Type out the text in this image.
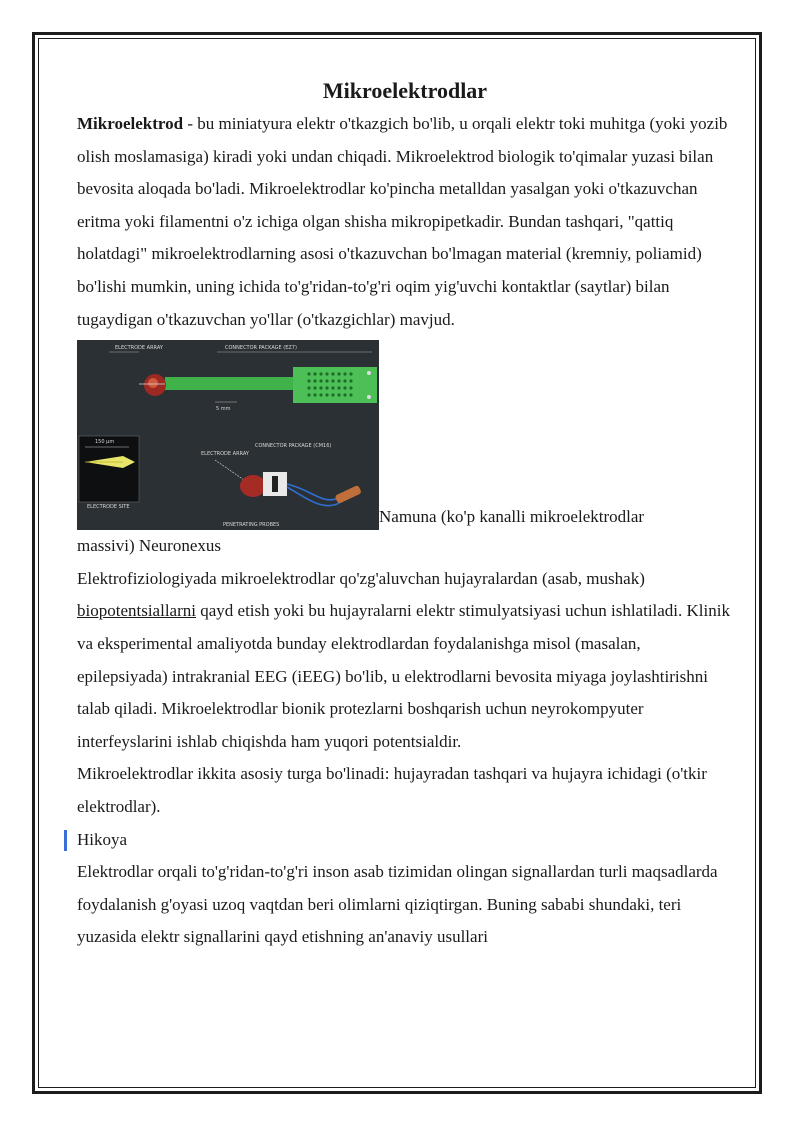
Mikroelektrodlar

Mikroelektrod - bu miniatyura elektr o'tkazgich bo'lib, u orqali elektr toki muhitga (yoki yozib olish moslamasiga) kiradi yoki undan chiqadi. Mikroelektrod biologik to'qimalar yuzasi bilan bevosita aloqada bo'ladi. Mikroelektrodlar ko'pincha metalldan yasalgan yoki o'tkazuvchan eritma yoki filamentni o'z ichiga olgan shisha mikropipetkadir. Bundan tashqari, "qattiq holatdagi" mikroelektrodlarning asosi o'tkazuvchan bo'lmagan material (kremniy, poliamid) bo'lishi mumkin, uning ichida to'g'ridan-to'g'ri oqim yig'uvchi kontaktlar (saytlar) bilan tugaydigan o'tkazuvchan yo'llar (o'tkazgichlar) mavjud.

ELECTRODE ARRAY	CONNECTOR PACKAGE (EZ7)
5 mm
150 μm
ELECTRODE SITE
ELECTRODE ARRAY
CONNECTOR PACKAGE (CM16)
PENETRATING PROBES	Namuna (ko'p kanalli mikroelektrodlar

massivi) Neuronexus

Elektrofiziologiyada mikroelektrodlar qo'zg'aluvchan hujayralardan (asab, mushak) biopotentsiallarni qayd etish yoki bu hujayralarni elektr stimulyatsiyasi uchun ishlatiladi. Klinik va eksperimental amaliyotda bunday elektrodlardan foydalanishga misol (masalan, epilepsiyada) intrakranial EEG (iEEG) bo'lib, u elektrodlarni bevosita miyaga joylashtirishni talab qiladi. Mikroelektrodlar bionik protezlarni boshqarish uchun neyrokompyuter interfeyslarini ishlab chiqishda ham yuqori potentsialdir.

Mikroelektrodlar ikkita asosiy turga bo'linadi: hujayradan tashqari va hujayra ichidagi (o'tkir elektrodlar).

Hikoya

Elektrodlar orqali to'g'ridan-to'g'ri inson asab tizimidan olingan signallardan turli maqsadlarda foydalanish g'oyasi uzoq vaqtdan beri olimlarni qiziqtirgan. Buning sababi shundaki, teri yuzasida elektr signallarini qayd etishning an'anaviy usullari
